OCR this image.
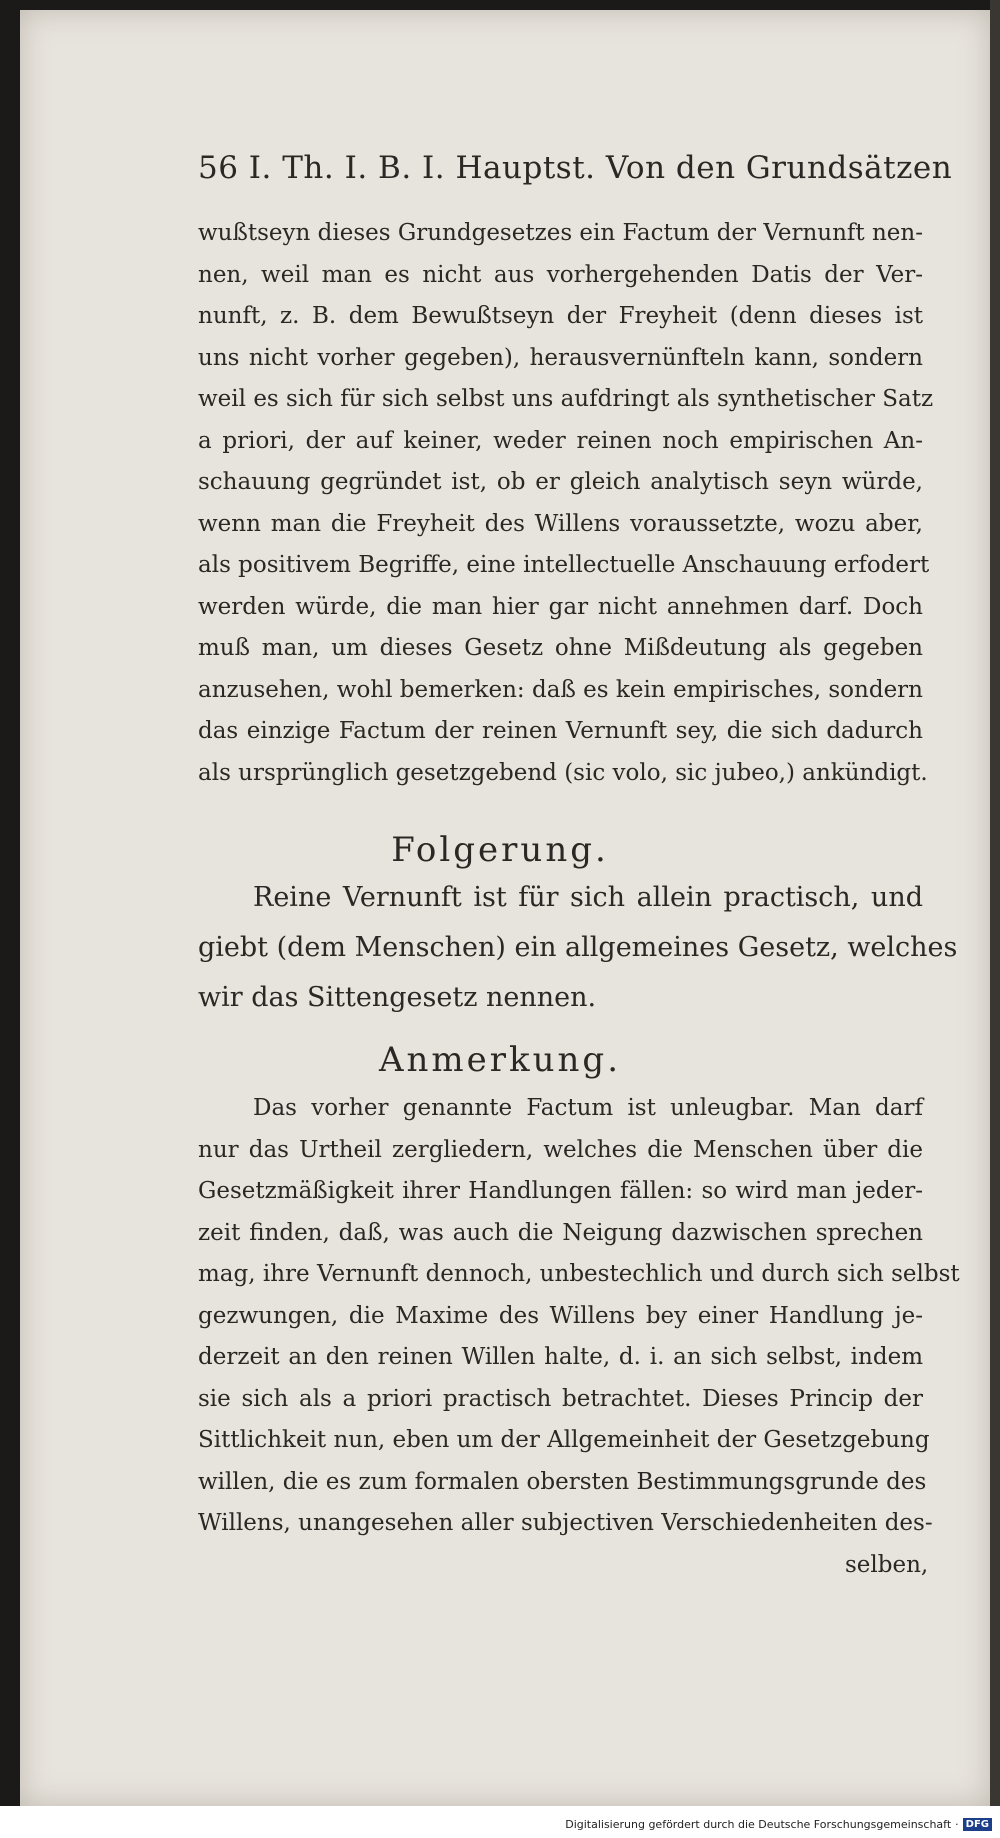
56 I. Th. I. B. I. Hauptst. Von den Grundsätzen
wußtseyn dieses Grundgesetzes ein Factum der Vernunft nen-
nen, weil man es nicht aus vorhergehenden Datis der Ver-
nunft, z. B. dem Bewußtseyn der Freyheit (denn dieses ist
uns nicht vorher gegeben), herausvernünfteln kann, sondern
weil es sich für sich selbst uns aufdringt als synthetischer Satz
a priori, der auf keiner, weder reinen noch empirischen An-
schauung gegründet ist, ob er gleich analytisch seyn würde,
wenn man die Freyheit des Willens voraussetzte, wozu aber,
als positivem Begriffe, eine intellectuelle Anschauung erfodert
werden würde, die man hier gar nicht annehmen darf. Doch
muß man, um dieses Gesetz ohne Mißdeutung als gegeben
anzusehen, wohl bemerken: daß es kein empirisches, sondern
das einzige Factum der reinen Vernunft sey, die sich dadurch
als ursprünglich gesetzgebend (sic volo, sic jubeo,) ankündigt.
Folgerung.
Reine Vernunft ist für sich allein practisch, und
giebt (dem Menschen) ein allgemeines Gesetz, welches
wir das Sittengesetz nennen.
Anmerkung.
Das vorher genannte Factum ist unleugbar. Man darf
nur das Urtheil zergliedern, welches die Menschen über die
Gesetzmäßigkeit ihrer Handlungen fällen: so wird man jeder-
zeit finden, daß, was auch die Neigung dazwischen sprechen
mag, ihre Vernunft dennoch, unbestechlich und durch sich selbst
gezwungen, die Maxime des Willens bey einer Handlung je-
derzeit an den reinen Willen halte, d. i. an sich selbst, indem
sie sich als a priori practisch betrachtet. Dieses Princip der
Sittlichkeit nun, eben um der Allgemeinheit der Gesetzgebung
willen, die es zum formalen obersten Bestimmungsgrunde des
Willens, unangesehen aller subjectiven Verschiedenheiten des-
selben,
Digitalisierung gefördert durch die Deutsche Forschungsgemeinschaft · DFG
